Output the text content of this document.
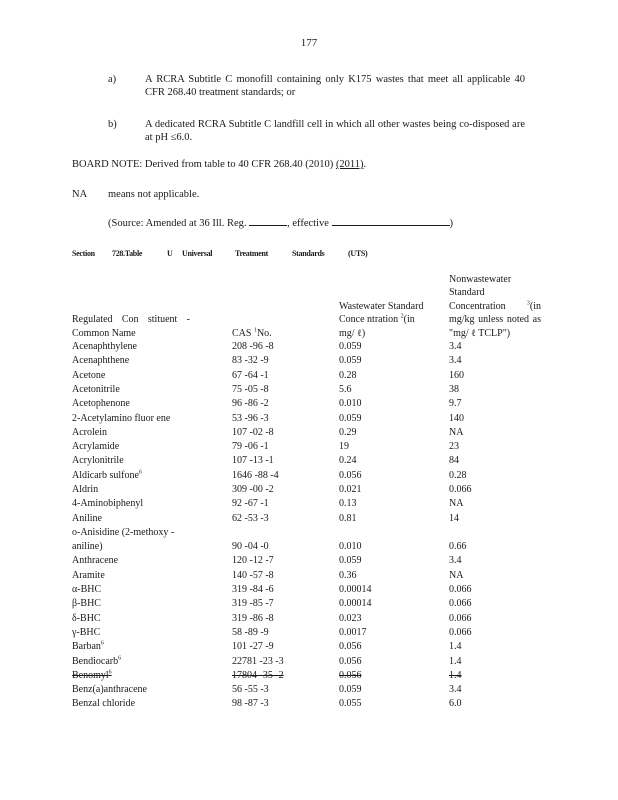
177
a)	A RCRA Subtitle C monofill containing only K175 wastes that meet all applicable 40 CFR 268.40 treatment standards; or
b)	A dedicated RCRA Subtitle C landfill cell in which all other wastes being co-disposed are at pH ≤6.0.
BOARD NOTE: Derived from table to 40 CFR 268.40 (2010) (2011).
NA means not applicable.
(Source: Amended at 36 Ill. Reg.	, effective	)
Section 728.Table	U Universal	Treatment	Standards	(UTS)
Regulated Con stituent - Common Name	CAS $^1$No.	Wastewater Standard Conce ntration $^2$(in mg/ ℓ)	Nonwastewater Standard Concentration $^3$(in mg/kg unless noted as "mg/ ℓ TCLP")

Acenaphthylene	208 -96 -8	0.059	3.4
Acenaphthene	83 -32 -9	0.059	3.4
Acetone	67 -64 -1	0.28	160
Acetonitrile	75 -05 -8	5.6	38
Acetophenone	96 -86 -2	0.010	9.7
2-Acetylamino fluor ene	53 -96 -3	0.059	140
Acrolein	107 -02 -8	0.29	NA
Acrylamide	79 -06 -1	19	23
Acrylonitrile	107 -13 -1	0.24	84
Aldicarb sulfone$^6$	1646 -88 -4	0.056	0.28
Aldrin	309 -00 -2	0.021	0.066
4-Aminobiphenyl	92 -67 -1	0.13	NA
Aniline	62 -53 -3	0.81	14
o-Anisidine (2-methoxy - aniline)	90 -04 -0	0.010	0.66
Anthracene	120 -12 -7	0.059	3.4
Aramite	140 -57 -8	0.36	NA
α-BHC	319 -84 -6	0.00014	0.066
β-BHC	319 -85 -7	0.00014	0.066
δ-BHC	319 -86 -8	0.023	0.066
γ-BHC	58 -89 -9	0.0017	0.066
Barban$^6$	101 -27 -9	0.056	1.4
Bendiocarb$^6$	22781 -23 -3	0.056	1.4
Benomyl$^6$	17804 -35 -2	0.056	1.4
Benz(a)anthracene	56 -55 -3	0.059	3.4
Benzal chloride	98 -87 -3	0.055	6.0
